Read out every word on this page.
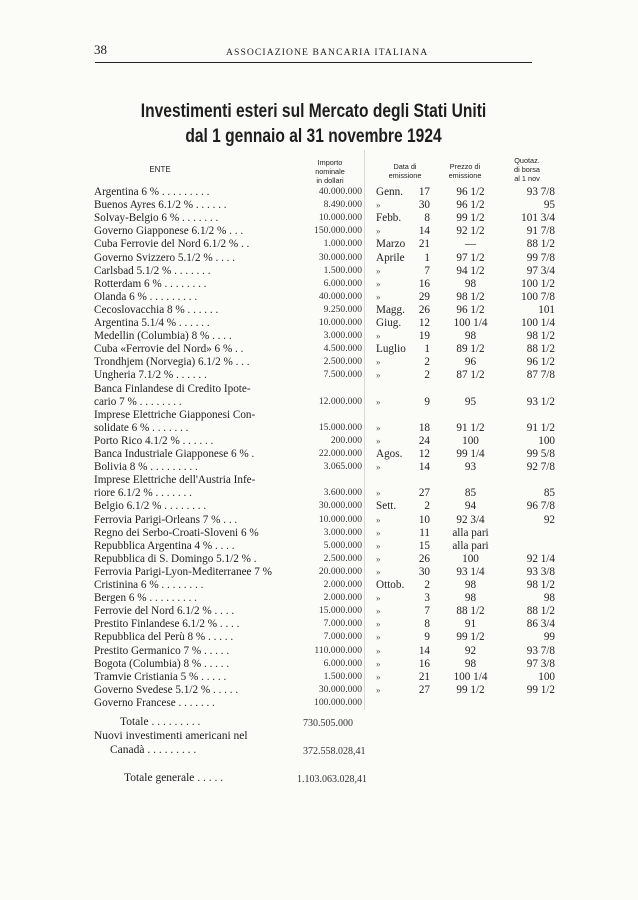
38	ASSOCIAZIONE BANCARIA ITALIANA
Investimenti esteri sul Mercato degli Stati Uniti
dal 1 gennaio al 31 novembre 1924
ENTE
Importo
nominale
in dollari
Data di
emissione
Prezzo di
emissione
Quotaz.
di borsa
al 1 nov
Argentina 6 % . . . . . . . . .	40.000.000 Genn.	17	96 1/2	93 7/8
Buenos Ayres 6.1/2 % . . . . . .	8.490.000 »	30	96 1/2	95
Solvay-Belgio 6 % . . . . . . .	10.000.000 Febb.	8	99 1/2	101 3/4
Governo Giapponese 6.1/2 % . . .	150.000.000 »	14	92 1/2	91 7/8
Cuba Ferrovie del Nord 6.1/2 % . .	1.000.000 Marzo	21	—	88 1/2
Governo Svizzero 5.1/2 % . . . .	30.000.000 Aprile	1	97 1/2	99 7/8
Carlsbad 5.1/2 % . . . . . . .	1.500.000 »	7	94 1/2	97 3/4
Rotterdam 6 % . . . . . . . .	6.000.000 »	16	98	100 1/2
Olanda 6 % . . . . . . . . .	40.000.000 »	29	98 1/2	100 7/8
Cecoslovacchia 8 % . . . . . .	9.250.000 Magg.	26	96 1/2	101
Argentina 5.1/4 % . . . . . .	10.000.000 Giug.	12	100 1/4	100 1/4
Medellin (Columbia) 8 % . . . .	3.000.000 »	19	98	98 1/2
Cuba «Ferrovie del Nord» 6 % . .	4.500.000 Luglio	1	89 1/2	88 1/2
Trondhjem (Norvegia) 6.1/2 % . . .	2.500.000 »	2	96	96 1/2
Ungheria 7.1/2 % . . . . . .	7.500.000 »	2	87 1/2	87 7/8
Banca Finlandese di Credito Ipote-
cario 7 % . . . . . . . .	12.000.000 »	9	95	93 1/2
Imprese Elettriche Giapponesi Con-
solidate 6 % . . . . . . .	15.000.000 »	18	91 1/2	91 1/2
Porto Rico 4.1/2 % . . . . . .	200.000 »	24	100	100
Banca Industriale Giapponese 6 % .	22.000.000 Agos.	12	99 1/4	99 5/8
Bolivia 8 % . . . . . . . . .	3.065.000 »	14	93	92 7/8
Imprese Elettriche dell'Austria Infe-
riore 6.1/2 % . . . . . . .	3.600.000 »	27	85	85
Belgio 6.1/2 % . . . . . . . .	30.000.000 Sett.	2	94	96 7/8
Ferrovia Parigi-Orleans 7 % . . .	10.000.000 »	10	92 3/4	92
Regno dei Serbo-Croati-Sloveni 6 %	3.000.000 »	11	alla pari
Repubblica Argentina 4 % . . . .	5.000.000 »	15	alla pari
Repubblica di S. Domingo 5.1/2 % .	2.500.000 »	26	100	92 1/4
Ferrovia Parigi-Lyon-Mediterranee 7 %	20.000.000 »	30	93 1/4	93 3/8
Cristinina 6 % . . . . . . . .	2.000.000 Ottob.	2	98	98 1/2
Bergen 6 % . . . . . . . . .	2.000.000 »	3	98	98
Ferrovie del Nord 6.1/2 % . . . .	15.000.000 »	7	88 1/2	88 1/2
Prestito Finlandese 6.1/2 % . . . .	7.000.000 »	8	91	86 3/4
Repubblica del Perù 8 % . . . . .	7.000.000 »	9	99 1/2	99
Prestito Germanico 7 % . . . . .	110.000.000 »	14	92	93 7/8
Bogota (Columbia) 8 % . . . . .	6.000.000 »	16	98	97 3/8
Tramvie Cristiania 5 % . . . . .	1.500.000 »	21	100 1/4	100
Governo Svedese 5.1/2 % . . . . .	30.000.000 »	27	99 1/2	99 1/2
Governo Francese . . . . . . .	100.000.000
Totale . . . . . . . . .	730.505.000
Nuovi investimenti americani nel
Canadà . . . . . . . . .	372.558.028,41
Totale generale . . . . .	1.103.063.028,41
